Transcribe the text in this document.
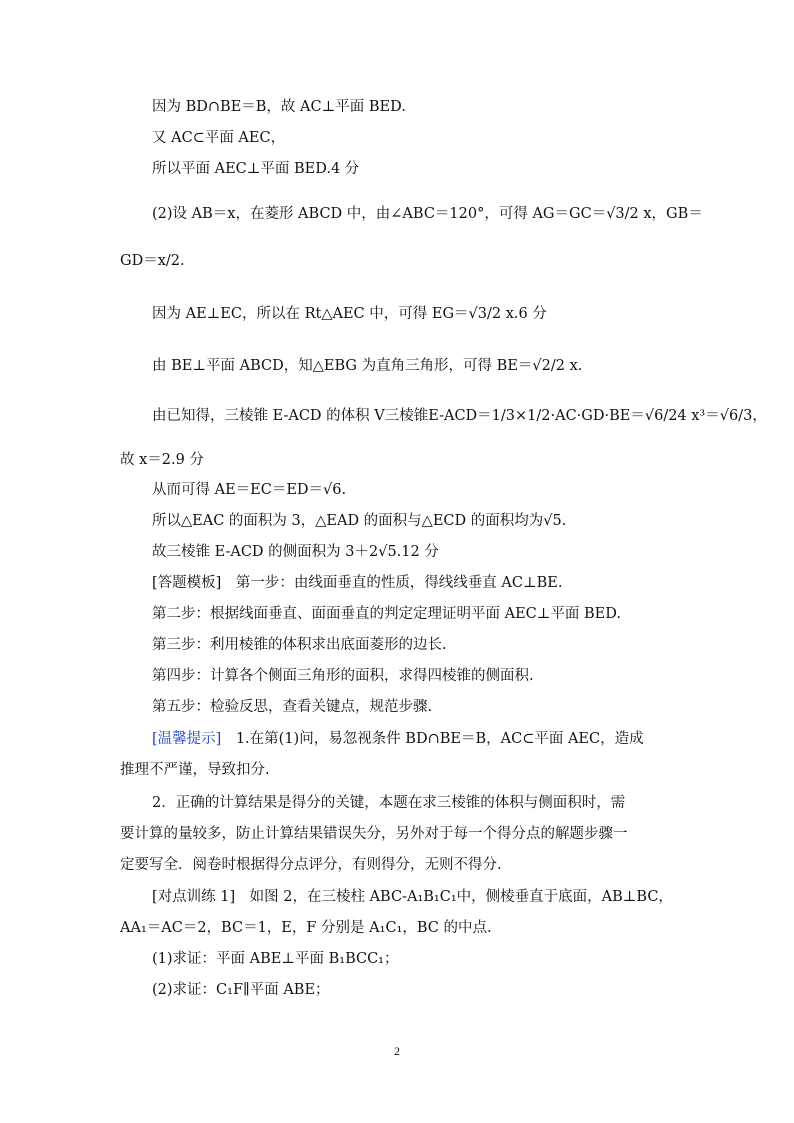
因为 BD∩BE＝B，故 AC⊥平面 BED.
又 AC⊂平面 AEC，
所以平面 AEC⊥平面 BED.4 分
(2)设 AB＝x，在菱形 ABCD 中，由∠ABC＝120°，可得 AG＝GC＝√3/2 x，GB＝
GD＝x/2.
因为 AE⊥EC，所以在 Rt△AEC 中，可得 EG＝√3/2 x.6 分
由 BE⊥平面 ABCD，知△EBG 为直角三角形，可得 BE＝√2/2 x.
由已知得，三棱锥 E-ACD 的体积 V三棱锥E-ACD＝1/3×1/2·AC·GD·BE＝√6/24 x³＝√6/3，
故 x＝2.9 分
从而可得 AE＝EC＝ED＝√6.
所以△EAC 的面积为 3，△EAD 的面积与△ECD 的面积均为√5.
故三棱锥 E-ACD 的侧面积为 3＋2√5.12 分
[答题模板]　第一步：由线面垂直的性质，得线线垂直 AC⊥BE.
第二步：根据线面垂直、面面垂直的判定定理证明平面 AEC⊥平面 BED.
第三步：利用棱锥的体积求出底面菱形的边长.
第四步：计算各个侧面三角形的面积，求得四棱锥的侧面积.
第五步：检验反思，查看关键点，规范步骤.
[温馨提示]　1.在第(1)问，易忽视条件 BD∩BE＝B，AC⊂平面 AEC，造成
推理不严谨，导致扣分.
2．正确的计算结果是得分的关键，本题在求三棱锥的体积与侧面积时，需
要计算的量较多，防止计算结果错误失分，另外对于每一个得分点的解题步骤一
定要写全．阅卷时根据得分点评分，有则得分，无则不得分.
[对点训练 1]　如图 2，在三棱柱 ABC-A₁B₁C₁中，侧棱垂直于底面，AB⊥BC，
AA₁＝AC＝2，BC＝1，E，F 分别是 A₁C₁，BC 的中点.
(1)求证：平面 ABE⊥平面 B₁BCC₁；
(2)求证：C₁F∥平面 ABE；
2
